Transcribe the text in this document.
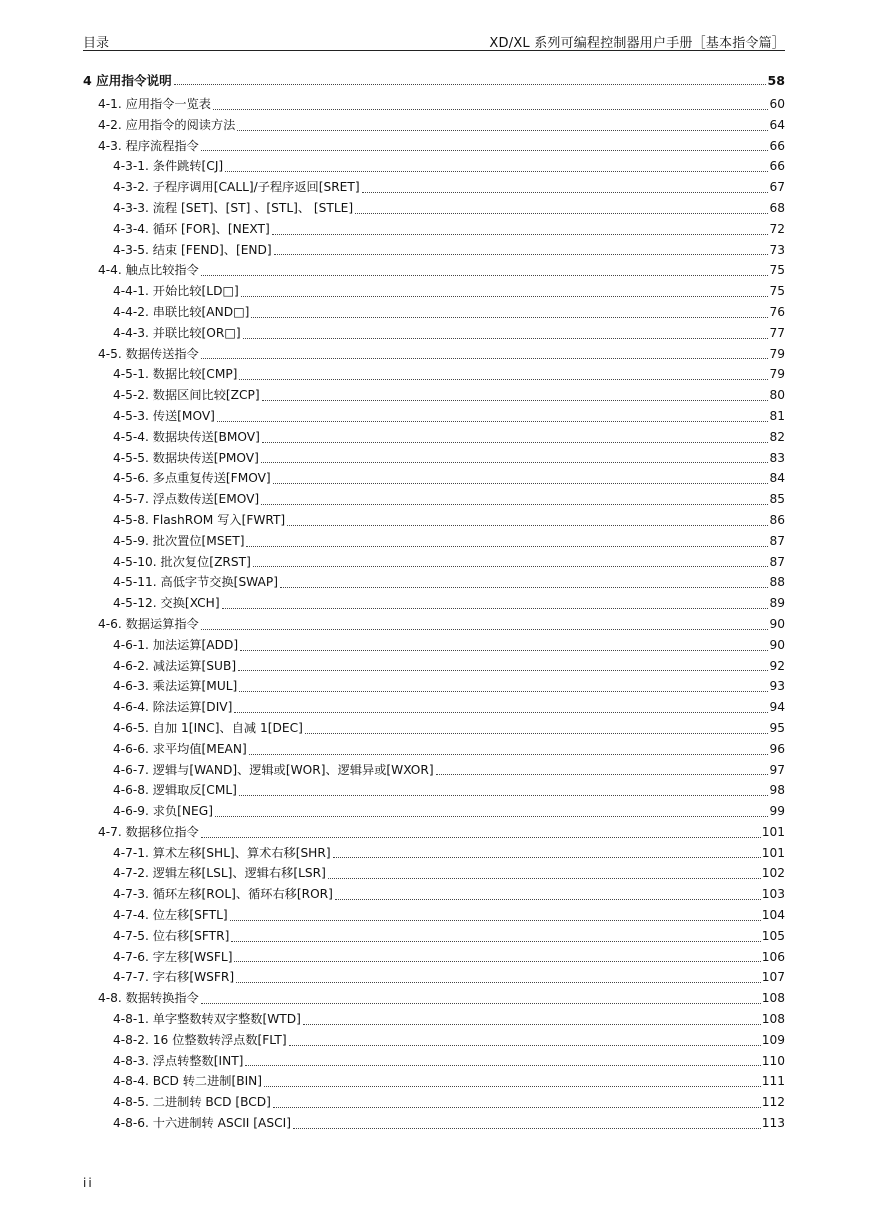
目录	XD/XL 系列可编程控制器用户手册［基本指令篇］
4 应用指令说明	58
4-1. 应用指令一览表	60
4-2. 应用指令的阅读方法	64
4-3. 程序流程指令	66
4-3-1. 条件跳转[CJ]	66
4-3-2. 子程序调用[CALL]/子程序返回[SRET]	67
4-3-3. 流程 [SET]、[ST] 、[STL]、 [STLE]	68
4-3-4. 循环 [FOR]、[NEXT]	72
4-3-5. 结束 [FEND]、[END]	73
4-4. 触点比较指令	75
4-4-1. 开始比较[LD□]	75
4-4-2. 串联比较[AND□]	76
4-4-3. 并联比较[OR□]	77
4-5. 数据传送指令	79
4-5-1. 数据比较[CMP]	79
4-5-2. 数据区间比较[ZCP]	80
4-5-3. 传送[MOV]	81
4-5-4. 数据块传送[BMOV]	82
4-5-5. 数据块传送[PMOV]	83
4-5-6. 多点重复传送[FMOV]	84
4-5-7. 浮点数传送[EMOV]	85
4-5-8. FlashROM 写入[FWRT]	86
4-5-9. 批次置位[MSET]	87
4-5-10. 批次复位[ZRST]	87
4-5-11. 高低字节交换[SWAP]	88
4-5-12. 交换[XCH]	89
4-6. 数据运算指令	90
4-6-1. 加法运算[ADD]	90
4-6-2. 减法运算[SUB]	92
4-6-3. 乘法运算[MUL]	93
4-6-4. 除法运算[DIV]	94
4-6-5. 自加 1[INC]、自减 1[DEC]	95
4-6-6. 求平均值[MEAN]	96
4-6-7. 逻辑与[WAND]、逻辑或[WOR]、逻辑异或[WXOR]	97
4-6-8. 逻辑取反[CML]	98
4-6-9. 求负[NEG]	99
4-7. 数据移位指令	101
4-7-1. 算术左移[SHL]、算术右移[SHR]	101
4-7-2. 逻辑左移[LSL]、逻辑右移[LSR]	102
4-7-3. 循环左移[ROL]、循环右移[ROR]	103
4-7-4. 位左移[SFTL]	104
4-7-5. 位右移[SFTR]	105
4-7-6. 字左移[WSFL]	106
4-7-7. 字右移[WSFR]	107
4-8. 数据转换指令	108
4-8-1. 单字整数转双字整数[WTD]	108
4-8-2. 16 位整数转浮点数[FLT]	109
4-8-3. 浮点转整数[INT]	110
4-8-4. BCD 转二进制[BIN]	111
4-8-5. 二进制转 BCD [BCD]	112
4-8-6. 十六进制转 ASCII [ASCI]	113
ii
